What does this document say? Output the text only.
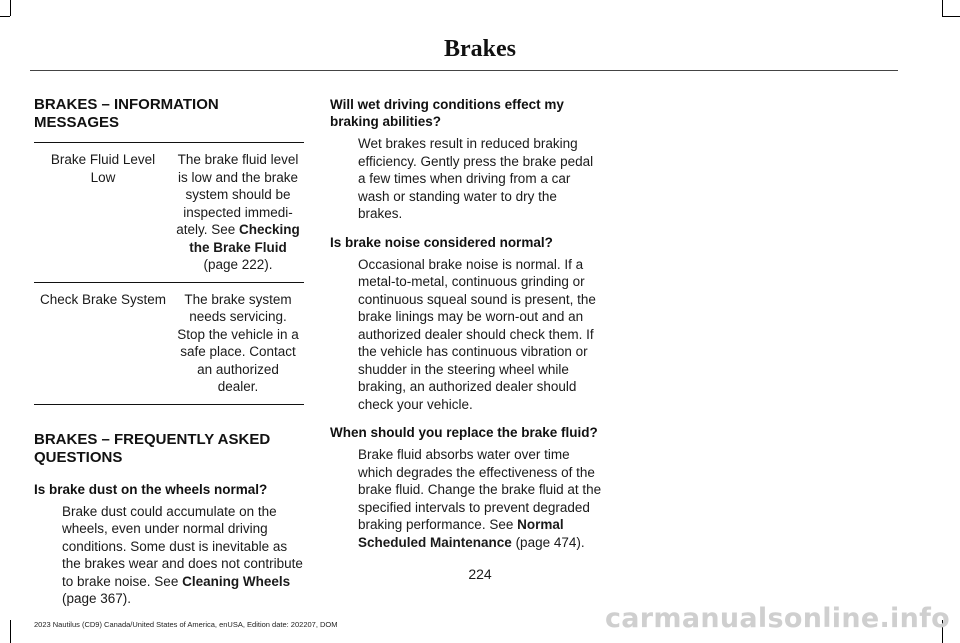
Brakes
BRAKES – INFORMATION MESSAGES
Brake Fluid Level Low	The brake fluid level is low and the brake system should be inspected immedi-ately. See Checking the Brake Fluid (page 222).
Check Brake System	The brake system needs servicing. Stop the vehicle in a safe place. Contact an authorized dealer.
BRAKES – FREQUENTLY ASKED QUESTIONS
Is brake dust on the wheels normal?
Brake dust could accumulate on the wheels, even under normal driving conditions. Some dust is inevitable as the brakes wear and does not contribute to brake noise. See Cleaning Wheels (page 367).
Will wet driving conditions effect my braking abilities?
Wet brakes result in reduced braking efficiency. Gently press the brake pedal a few times when driving from a car wash or standing water to dry the brakes.
Is brake noise considered normal?
Occasional brake noise is normal. If a metal-to-metal, continuous grinding or continuous squeal sound is present, the brake linings may be worn-out and an authorized dealer should check them. If the vehicle has continuous vibration or shudder in the steering wheel while braking, an authorized dealer should check your vehicle.
When should you replace the brake fluid?
Brake fluid absorbs water over time which degrades the effectiveness of the brake fluid. Change the brake fluid at the specified intervals to prevent degraded braking performance. See Normal Scheduled Maintenance (page 474).
224
2023 Nautilus (CD9) Canada/United States of America, enUSA, Edition date: 202207, DOM	carmanualsonline.info
